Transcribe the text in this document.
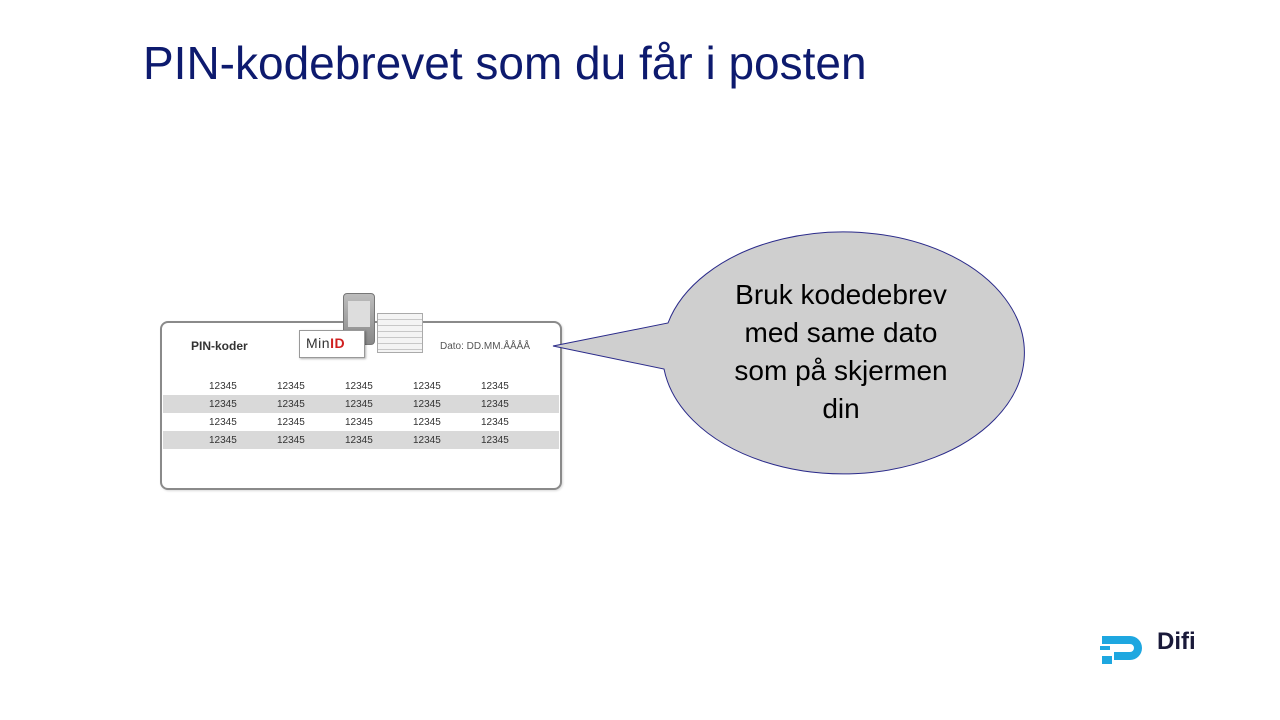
PIN-kodebrevet som du får i posten
PIN-koder	MinID	Dato: DD.MM.ÅÅÅÅ
12345	12345	12345	12345	12345
12345	12345	12345	12345	12345
12345	12345	12345	12345	12345
12345	12345	12345	12345	12345
Bruk kodedebrev
med same dato
som på skjermen
din
Difi
